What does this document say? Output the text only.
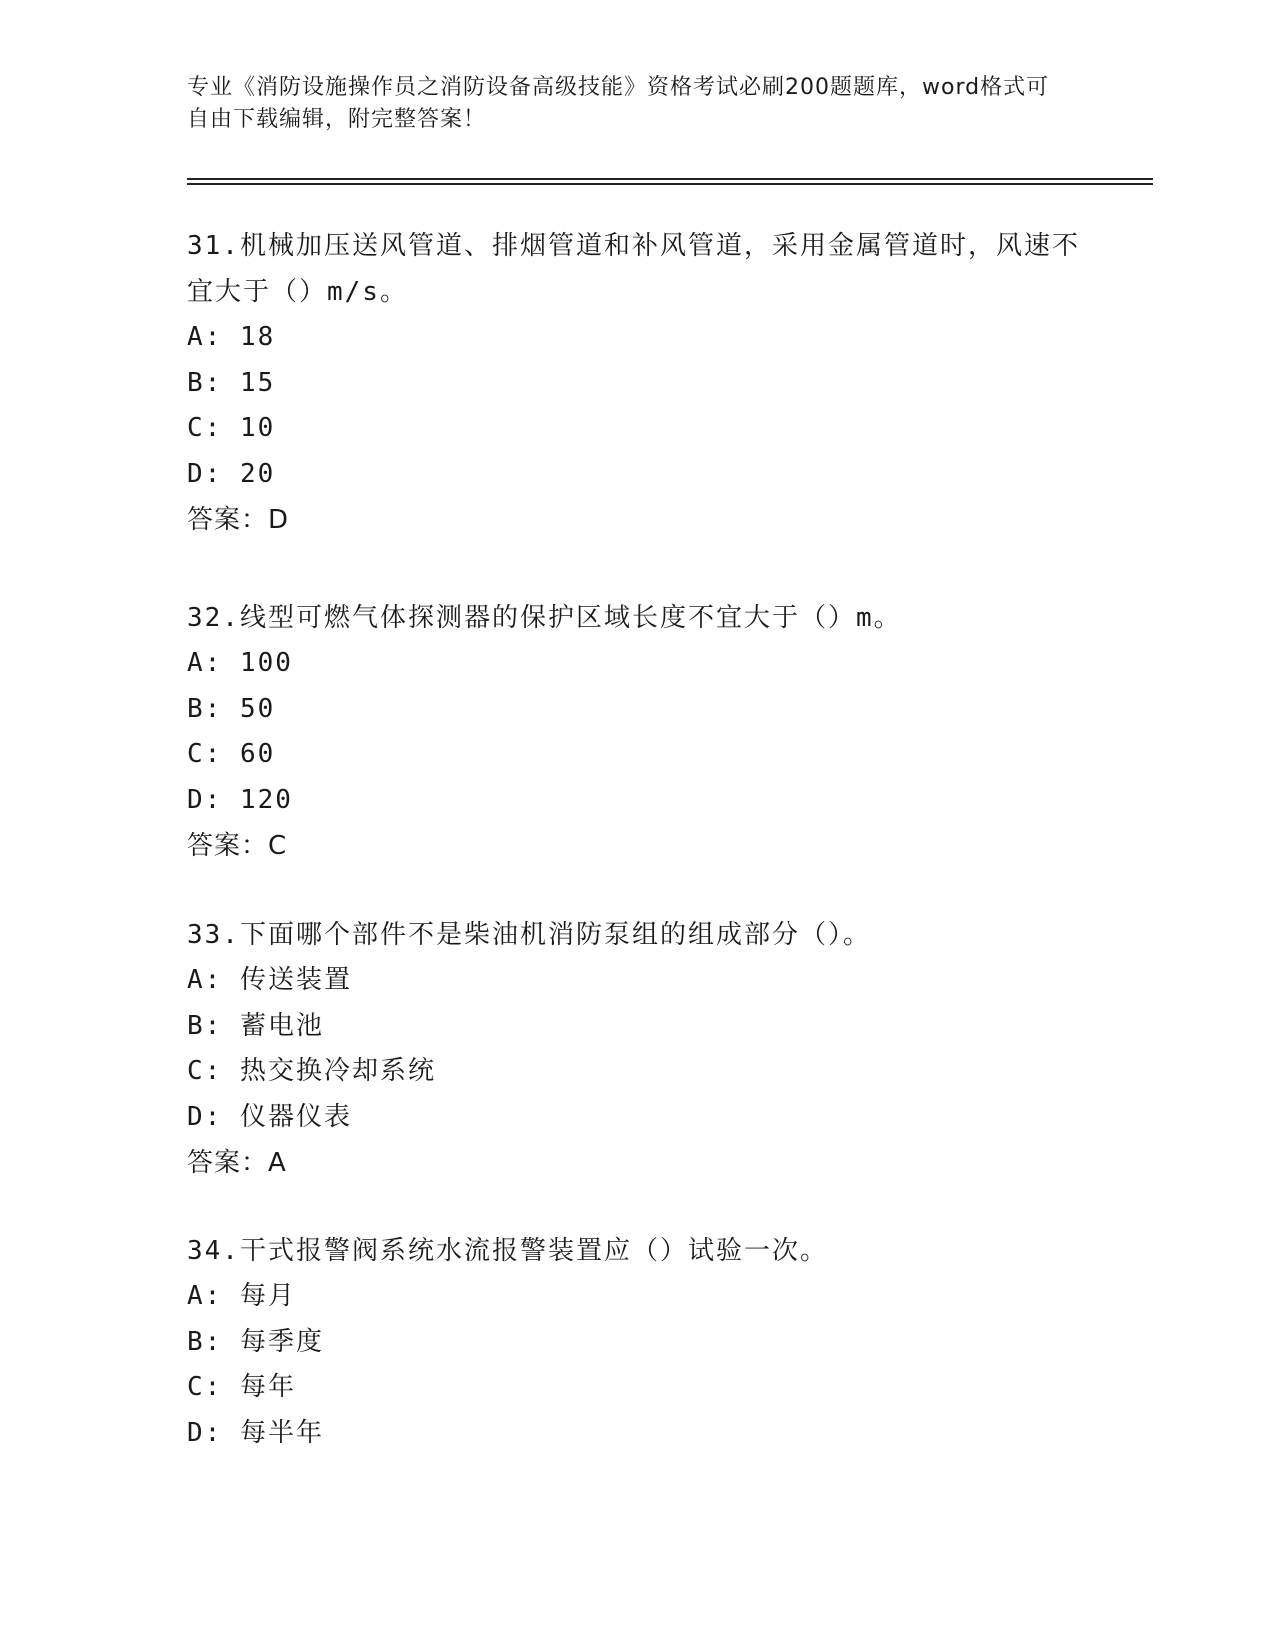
专业《消防设施操作员之消防设备高级技能》资格考试必刷200题题库，word格式可自由下载编辑，附完整答案！

31.机械加压送风管道、排烟管道和补风管道，采用金属管道时，风速不宜大于（）m/s。

A: 18

B: 15

C: 10

D: 20

答案：D

32.线型可燃气体探测器的保护区域长度不宜大于（）m。

A: 100

B: 50

C: 60

D: 120

答案：C

33.下面哪个部件不是柴油机消防泵组的组成部分（）。

A: 传送装置

B: 蓄电池

C: 热交换冷却系统

D: 仪器仪表

答案：A

34.干式报警阀系统水流报警装置应（）试验一次。

A: 每月

B: 每季度

C: 每年

D: 每半年
